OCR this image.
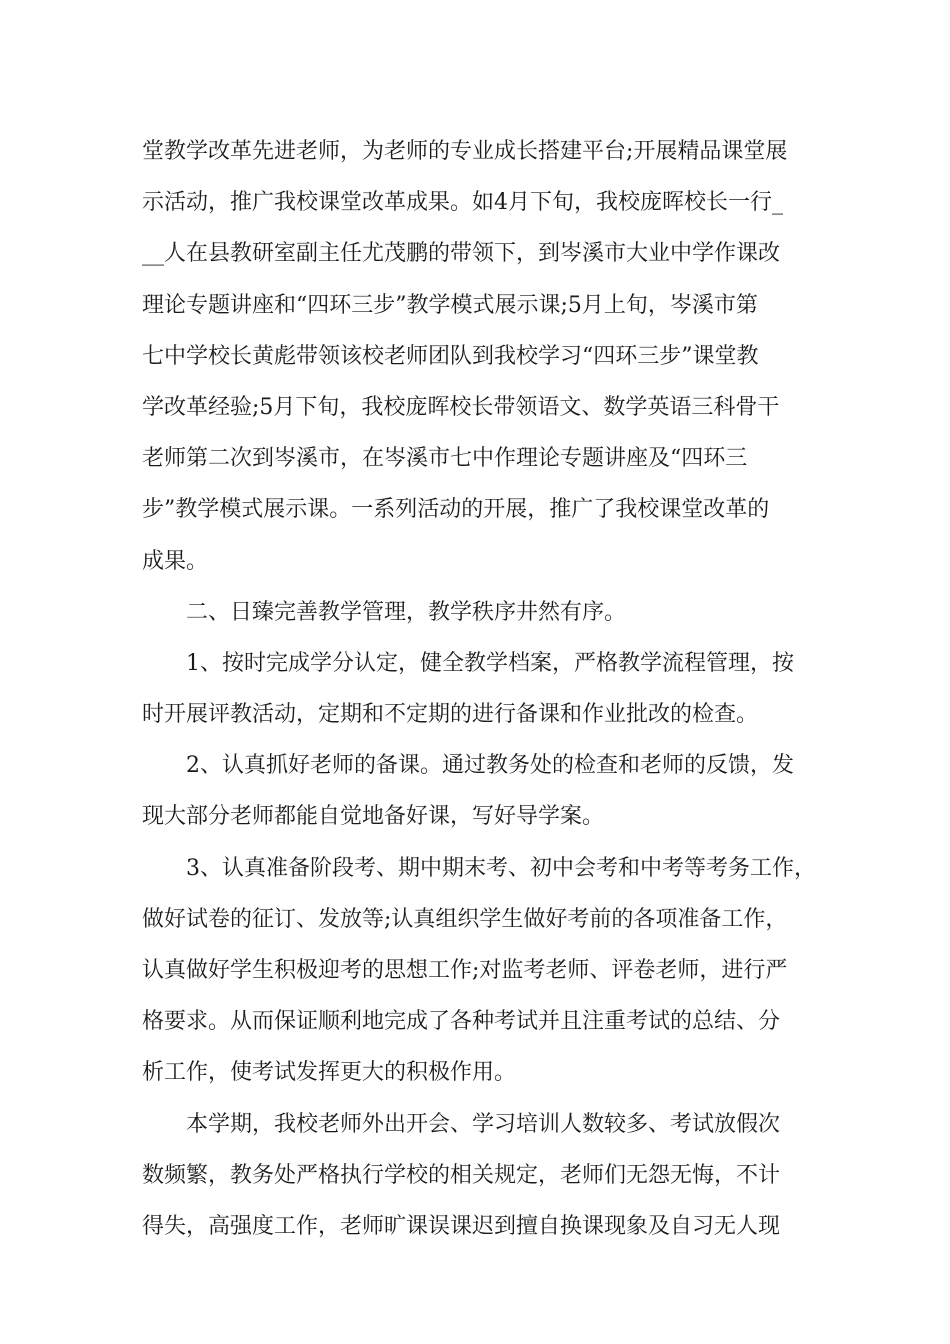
堂教学改革先进老师，为老师的专业成长搭建平台;开展精品课堂展
示活动，推广我校课堂改革成果。如4月下旬，我校庞晖校长一行_
__人在县教研室副主任尤茂鹏的带领下，到岑溪市大业中学作课改
理论专题讲座和“四环三步”教学模式展示课;5月上旬，岑溪市第
七中学校长黄彪带领该校老师团队到我校学习“四环三步”课堂教
学改革经验;5月下旬，我校庞晖校长带领语文、数学英语三科骨干
老师第二次到岑溪市，在岑溪市七中作理论专题讲座及“四环三
步”教学模式展示课。一系列活动的开展，推广了我校课堂改革的
成果。
　　二、日臻完善教学管理，教学秩序井然有序。
　　1、按时完成学分认定，健全教学档案，严格教学流程管理，按
时开展评教活动，定期和不定期的进行备课和作业批改的检查。
　　2、认真抓好老师的备课。通过教务处的检查和老师的反馈，发
现大部分老师都能自觉地备好课，写好导学案。
　　3、认真准备阶段考、期中期末考、初中会考和中考等考务工作，
做好试卷的征订、发放等;认真组织学生做好考前的各项准备工作，
认真做好学生积极迎考的思想工作;对监考老师、评卷老师，进行严
格要求。从而保证顺利地完成了各种考试并且注重考试的总结、分
析工作，使考试发挥更大的积极作用。
　　本学期，我校老师外出开会、学习培训人数较多、考试放假次
数频繁，教务处严格执行学校的相关规定，老师们无怨无悔，不计
得失，高强度工作，老师旷课误课迟到擅自换课现象及自习无人现
